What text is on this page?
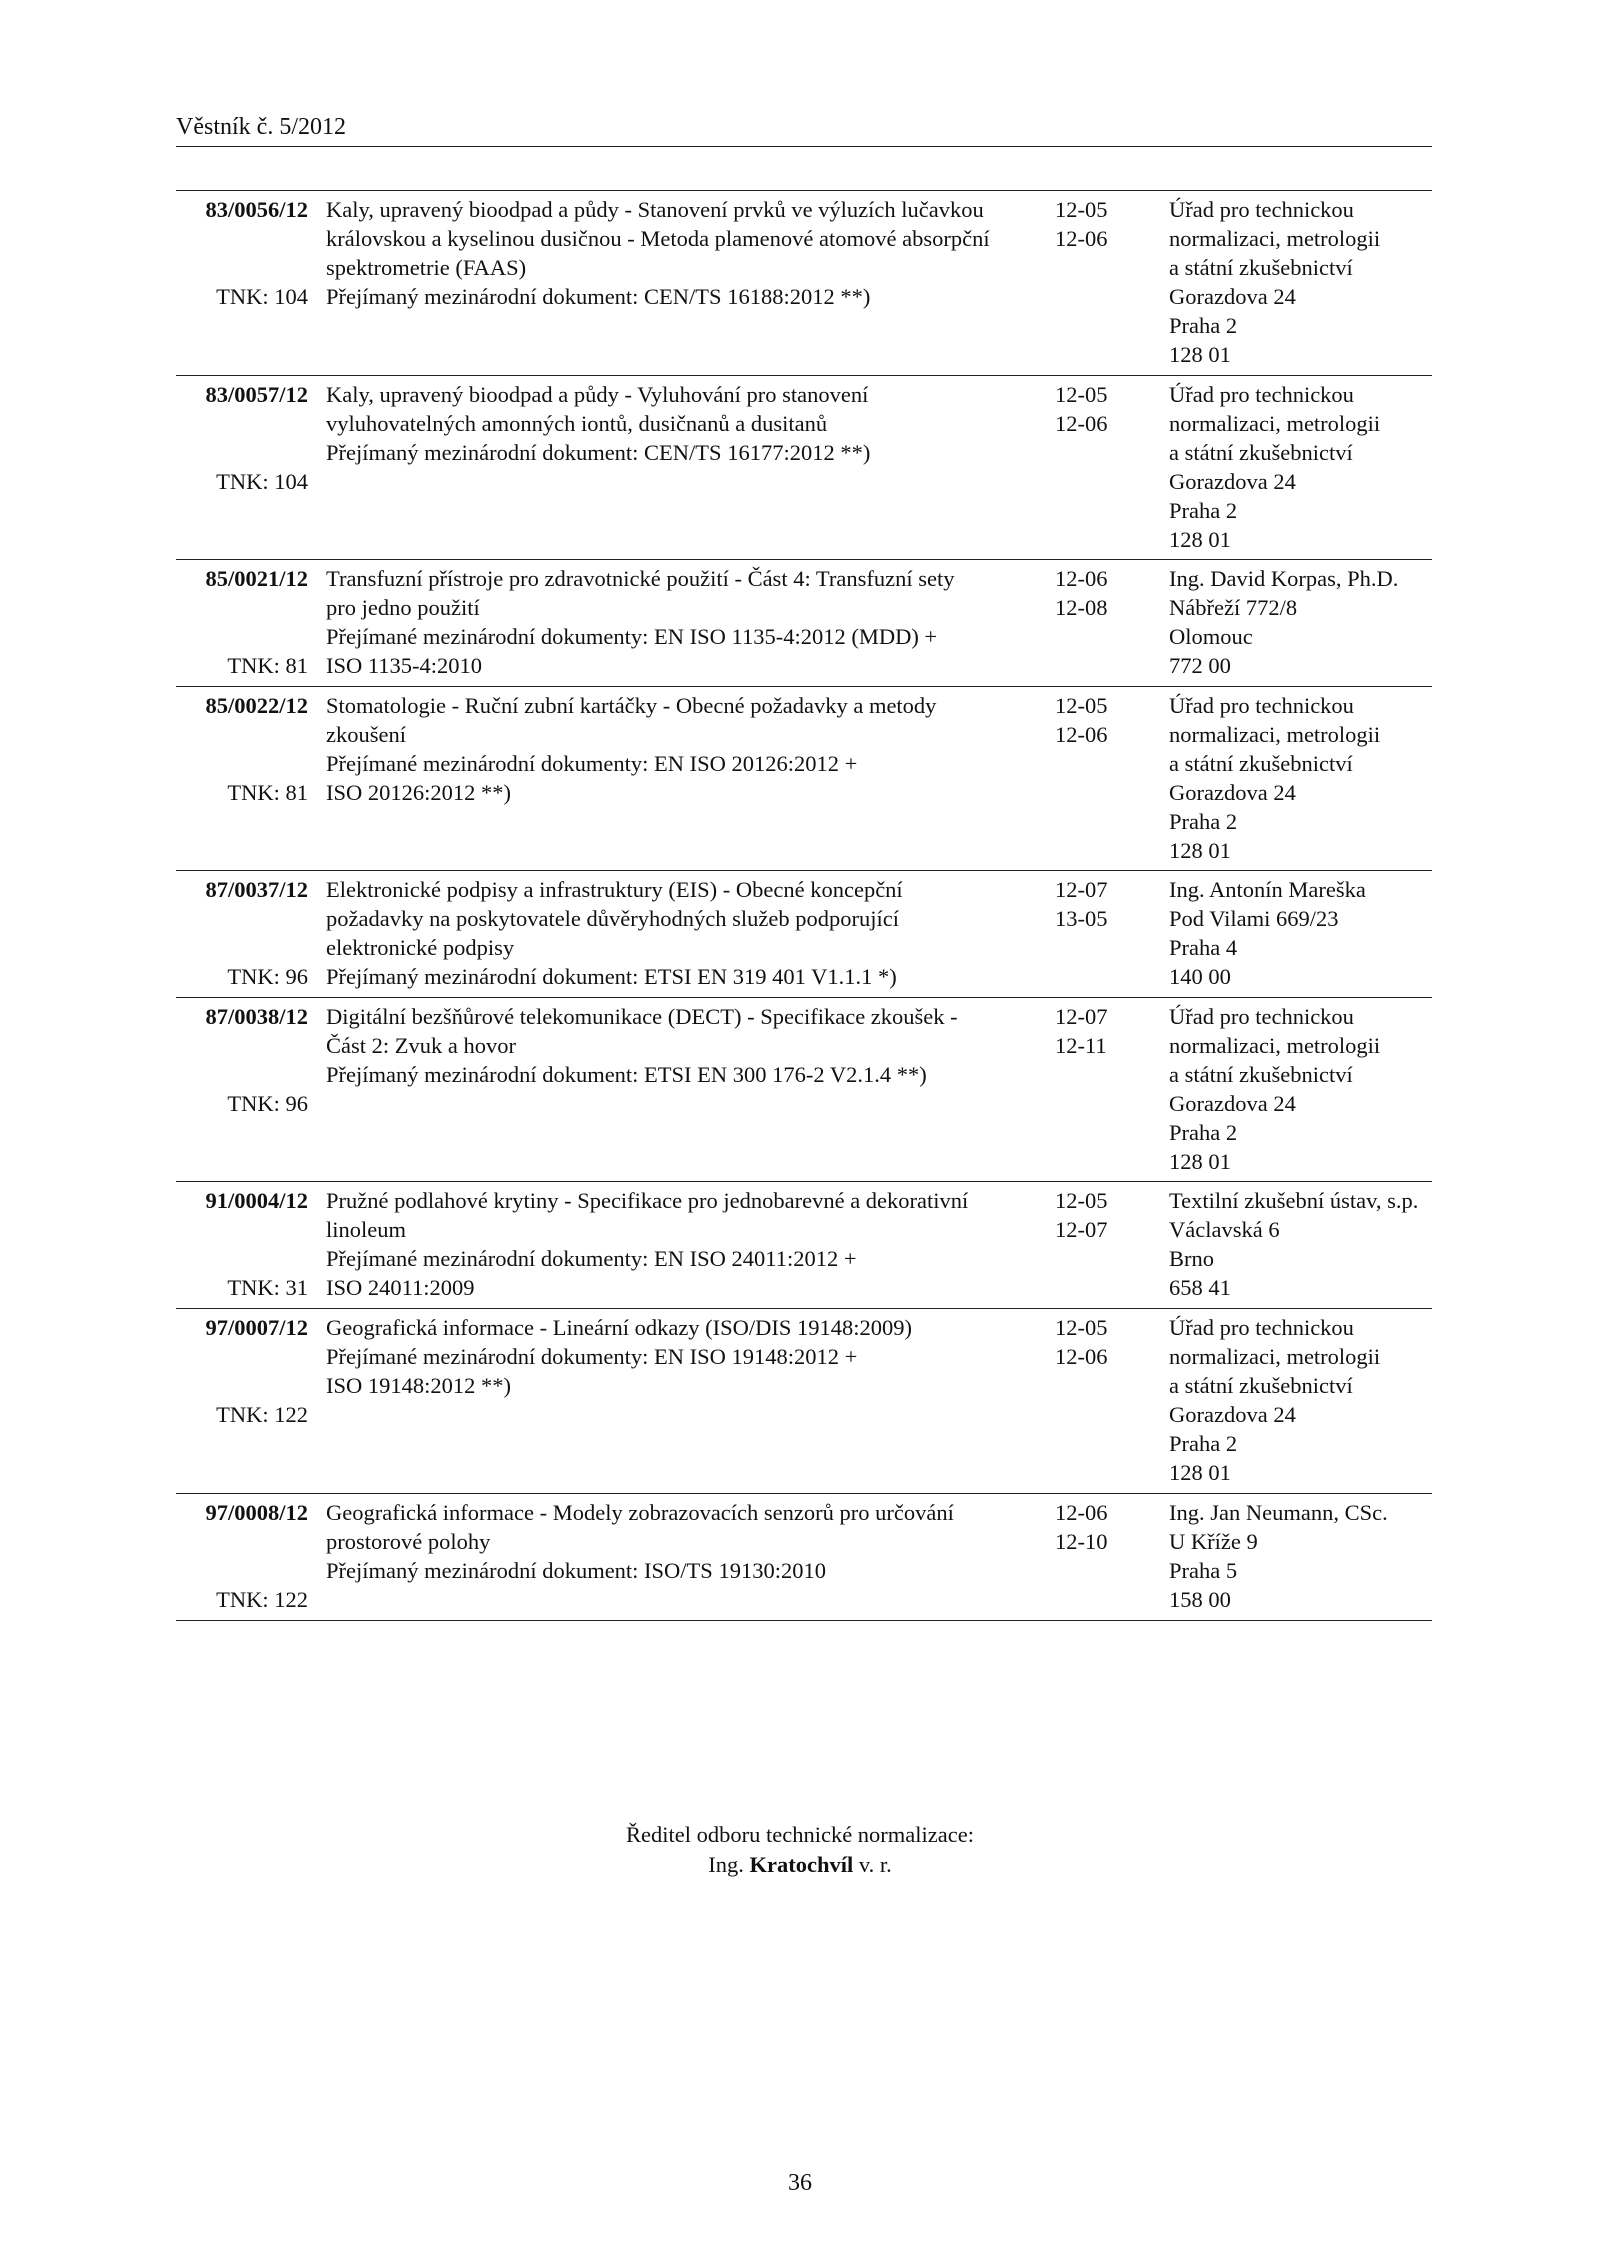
Věstník č. 5/2012
83/0056/12
TNK: 104
Kaly, upravený bioodpad a půdy - Stanovení prvků ve výluzích lučavkou
královskou a kyselinou dusičnou - Metoda plamenové atomové absorpční
spektrometrie (FAAS)
Přejímaný mezinárodní dokument: CEN/TS 16188:2012 **)
12-05
12-06
Úřad pro technickou
normalizaci, metrologii
a státní zkušebnictví
Gorazdova 24
Praha 2
128 01
83/0057/12
TNK: 104
Kaly, upravený bioodpad a půdy - Vyluhování pro stanovení
vyluhovatelných amonných iontů, dusičnanů a dusitanů
Přejímaný mezinárodní dokument: CEN/TS 16177:2012 **)
12-05
12-06
Úřad pro technickou
normalizaci, metrologii
a státní zkušebnictví
Gorazdova 24
Praha 2
128 01
85/0021/12
TNK: 81
Transfuzní přístroje pro zdravotnické použití - Část 4: Transfuzní sety
pro jedno použití
Přejímané mezinárodní dokumenty: EN ISO 1135-4:2012 (MDD) +
ISO 1135-4:2010
12-06
12-08
Ing. David Korpas, Ph.D.
Nábřeží 772/8
Olomouc
772 00
85/0022/12
TNK: 81
Stomatologie - Ruční zubní kartáčky - Obecné požadavky a metody
zkoušení
Přejímané mezinárodní dokumenty: EN ISO 20126:2012 +
ISO 20126:2012 **)
12-05
12-06
Úřad pro technickou
normalizaci, metrologii
a státní zkušebnictví
Gorazdova 24
Praha 2
128 01
87/0037/12
TNK: 96
Elektronické podpisy a infrastruktury (EIS) - Obecné koncepční
požadavky na poskytovatele důvěryhodných služeb podporující
elektronické podpisy
Přejímaný mezinárodní dokument: ETSI EN 319 401 V1.1.1 *)
12-07
13-05
Ing. Antonín Mareška
Pod Vilami 669/23
Praha 4
140 00
87/0038/12
TNK: 96
Digitální bezšňůrové telekomunikace (DECT) - Specifikace zkoušek -
Část 2: Zvuk a hovor
Přejímaný mezinárodní dokument: ETSI EN 300 176-2 V2.1.4 **)
12-07
12-11
Úřad pro technickou
normalizaci, metrologii
a státní zkušebnictví
Gorazdova 24
Praha 2
128 01
91/0004/12
TNK: 31
Pružné podlahové krytiny - Specifikace pro jednobarevné a dekorativní
linoleum
Přejímané mezinárodní dokumenty: EN ISO 24011:2012 +
ISO 24011:2009
12-05
12-07
Textilní zkušební ústav, s.p.
Václavská 6
Brno
658 41
97/0007/12
TNK: 122
Geografická informace - Lineární odkazy (ISO/DIS 19148:2009)
Přejímané mezinárodní dokumenty: EN ISO 19148:2012 +
ISO 19148:2012 **)
12-05
12-06
Úřad pro technickou
normalizaci, metrologii
a státní zkušebnictví
Gorazdova 24
Praha 2
128 01
97/0008/12
TNK: 122
Geografická informace - Modely zobrazovacích senzorů pro určování
prostorové polohy
Přejímaný mezinárodní dokument: ISO/TS 19130:2010
12-06
12-10
Ing. Jan Neumann, CSc.
U Kříže 9
Praha 5
158 00
Ředitel odboru technické normalizace:
Ing. Kratochvíl v. r.
36
